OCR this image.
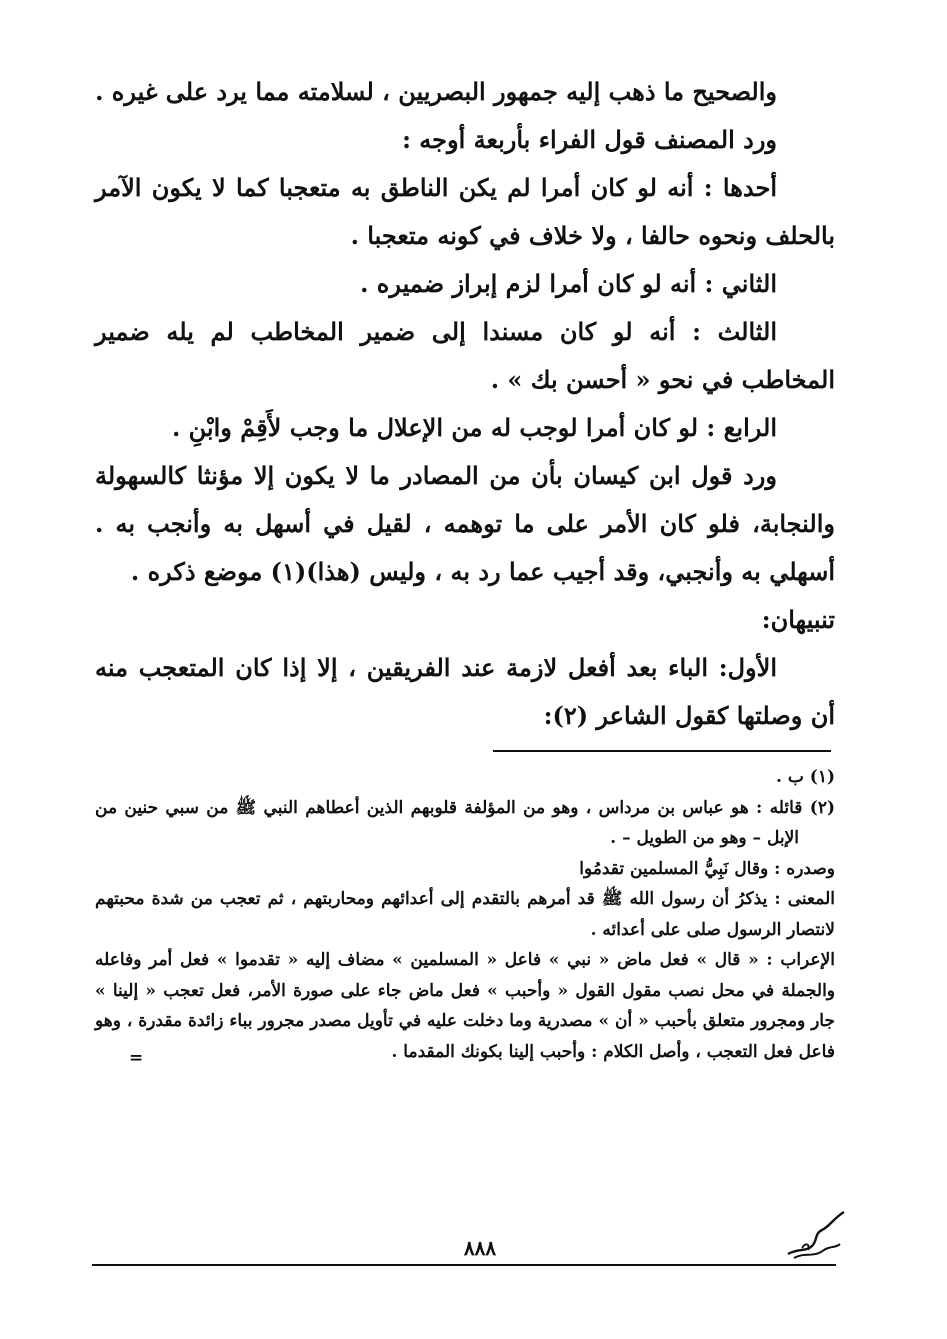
والصحيح ما ذهب إليه جمهور البصريين ، لسلامته مما يرد على غيره .

ورد المصنف قول الفراء بأربعة أوجه :

أحدها : أنه لو كان أمرا لم يكن الناطق به متعجبا كما لا يكون الآمر بالحلف ونحوه حالفا ، ولا خلاف في كونه متعجبا .

الثاني : أنه لو كان أمرا لزم إبراز ضميره .

الثالث : أنه لو كان مسندا إلى ضمير المخاطب لم يله ضمير المخاطب في نحو « أحسن بك » .

الرابع : لو كان أمرا لوجب له من الإعلال ما وجب لأَقِمْ وابْنِ .

ورد قول ابن كيسان بأن من المصادر ما لا يكون إلا مؤنثا كالسهولة والنجابة، فلو كان الأمر على ما توهمه ، لقيل في أسهل به وأنجب به . أسهلي به وأنجبي، وقد أجيب عما رد به ، وليس (هذا)(١) موضع ذكره .

تنبيهان:

الأول: الباء بعد أفعل لازمة عند الفريقين ، إلا إذا كان المتعجب منه أن وصلتها كقول الشاعر (٢):

(١) ب .

(٢) قائله : هو عباس بن مرداس ، وهو من المؤلفة قلوبهم الذين أعطاهم النبي ﷺ من سبي حنين من الإبل – وهو من الطويل – .

وصدره : وقال نَبِيُّ المسلمين تقدمُوا

المعنى : يذكرُ أن رسول الله ﷺ قد أمرهم بالتقدم إلى أعدائهم ومحاربتهم ، ثم تعجب من شدة محبتهم لانتصار الرسول صلى على أعدائه .

الإعراب : « قال » فعل ماض « نبي » فاعل « المسلمين » مضاف إليه « تقدموا » فعل أمر وفاعله والجملة في محل نصب مقول القول « وأحبب » فعل ماض جاء على صورة الأمر، فعل تعجب « إلينا » جار ومجرور متعلق بأحبب « أن » مصدرية وما دخلت عليه في تأويل مصدر مجرور بباء زائدة مقدرة ، وهو فاعل فعل التعجب ، وأصل الكلام : وأحبب إلينا بكونك المقدما .

=
٨٨٨
